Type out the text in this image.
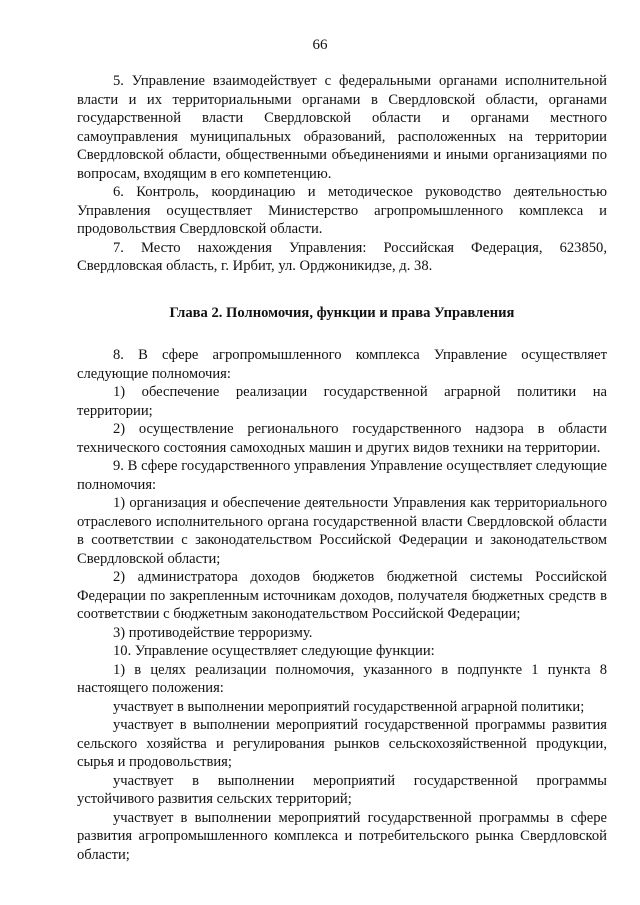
66

5. Управление взаимодействует с федеральными органами исполнительной власти и их территориальными органами в Свердловской области, органами государственной власти Свердловской области и органами местного самоуправления муниципальных образований, расположенных на территории Свердловской области, общественными объединениями и иными организациями по вопросам, входящим в его компетенцию.

6. Контроль, координацию и методическое руководство деятельностью Управления осуществляет Министерство агропромышленного комплекса и продовольствия Свердловской области.

7. Место нахождения Управления: Российская Федерация, 623850, Свердловская область, г. Ирбит, ул. Орджоникидзе, д. 38.

Глава 2. Полномочия, функции и права Управления

8. В сфере агропромышленного комплекса Управление осуществляет следующие полномочия:

1) обеспечение реализации государственной аграрной политики на территории;

2) осуществление регионального государственного надзора в области технического состояния самоходных машин и других видов техники на территории.

9. В сфере государственного управления Управление осуществляет следующие полномочия:

1) организация и обеспечение деятельности Управления как территориального отраслевого исполнительного органа государственной власти Свердловской области в соответствии с законодательством Российской Федерации и законодательством Свердловской области;

2) администратора доходов бюджетов бюджетной системы Российской Федерации по закрепленным источникам доходов, получателя бюджетных средств в соответствии с бюджетным законодательством Российской Федерации;

3) противодействие терроризму.

10. Управление осуществляет следующие функции:

1) в целях реализации полномочия, указанного в подпункте 1 пункта 8 настоящего положения:

участвует в выполнении мероприятий государственной аграрной политики;

участвует в выполнении мероприятий государственной программы развития сельского хозяйства и регулирования рынков сельскохозяйственной продукции, сырья и продовольствия;

участвует в выполнении мероприятий государственной программы устойчивого развития сельских территорий;

участвует в выполнении мероприятий государственной программы в сфере развития агропромышленного комплекса и потребительского рынка Свердловской области;
